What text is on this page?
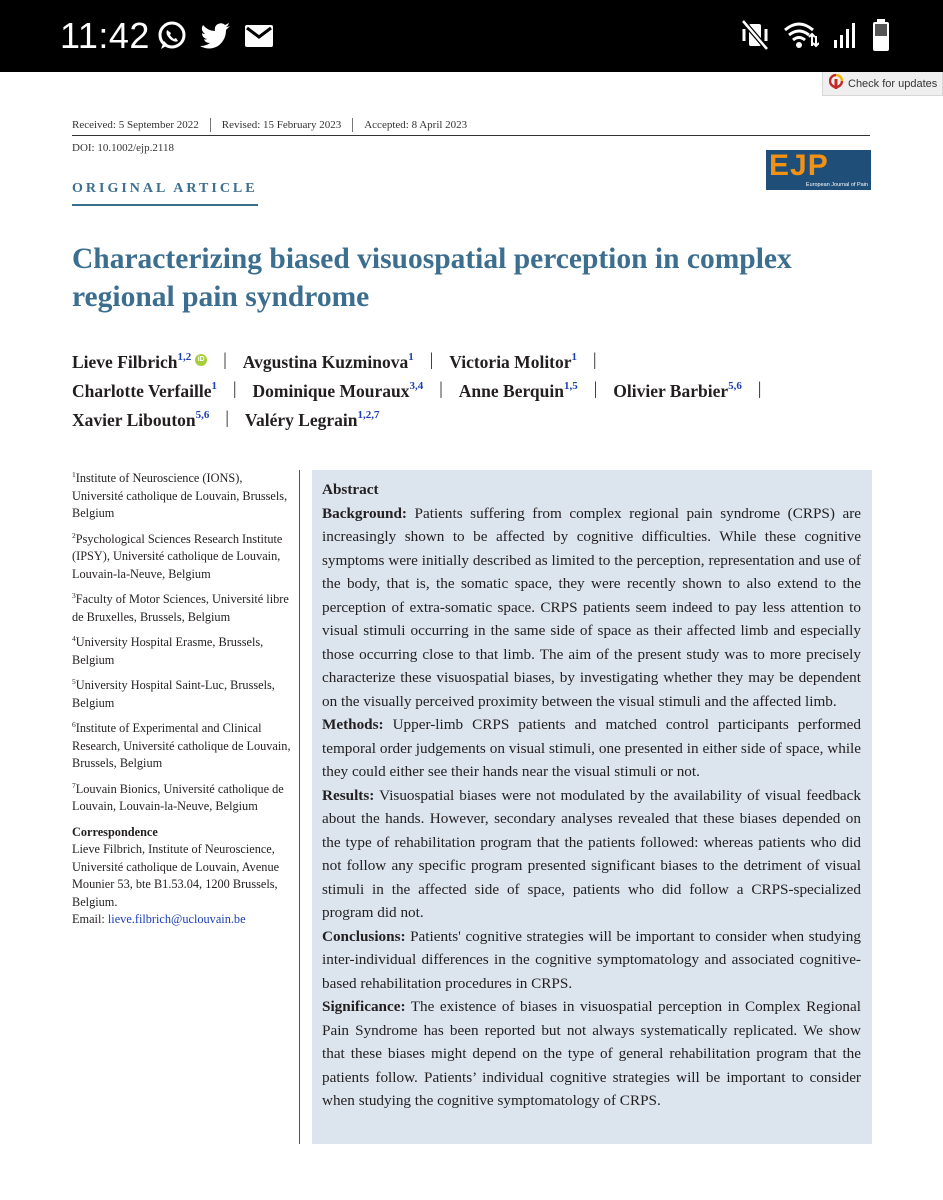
11:42
Check for updates
Received: 5 September 2022 Revised: 15 February 2023 Accepted: 8 April 2023
DOI: 10.1002/ejp.2118
ORIGINAL ARTICLE
EJP
European Journal of Pain
Characterizing biased visuospatial perception in complex regional pain syndrome
Lieve Filbrich$^{1,2}$ iD | Avgustina Kuzminova$^1$ | Victoria Molitor$^1$ |
Charlotte Verfaille$^1$ | Dominique Mouraux$^{3,4}$ | Anne Berquin$^{1,5}$ | Olivier Barbier$^{5,6}$ |
Xavier Libouton$^{5,6}$ | Valéry Legrain$^{1,2,7}$
$^1$Institute of Neuroscience (IONS), Université catholique de Louvain, Brussels, Belgium
$^2$Psychological Sciences Research Institute (IPSY), Université catholique de Louvain, Louvain-la-Neuve, Belgium
$^3$Faculty of Motor Sciences, Université libre de Bruxelles, Brussels, Belgium
$^4$University Hospital Erasme, Brussels, Belgium
$^5$University Hospital Saint-Luc, Brussels, Belgium
$^6$Institute of Experimental and Clinical Research, Université catholique de Louvain, Brussels, Belgium
$^7$Louvain Bionics, Université catholique de Louvain, Louvain-la-Neuve, Belgium
Correspondence
Lieve Filbrich, Institute of Neuroscience, Université catholique de Louvain, Avenue Mounier 53, bte B1.53.04, 1200 Brussels, Belgium.
Email: lieve.filbrich@uclouvain.be
Abstract

Background: Patients suffering from complex regional pain syndrome (CRPS) are increasingly shown to be affected by cognitive difficulties. While these cognitive symptoms were initially described as limited to the perception, representation and use of the body, that is, the somatic space, they were recently shown to also extend to the perception of extra-somatic space. CRPS patients seem indeed to pay less attention to visual stimuli occurring in the same side of space as their affected limb and especially those occurring close to that limb. The aim of the present study was to more precisely characterize these visuospatial biases, by investigating whether they may be dependent on the visually perceived proximity between the visual stimuli and the affected limb.

Methods: Upper-limb CRPS patients and matched control participants performed temporal order judgements on visual stimuli, one presented in either side of space, while they could either see their hands near the visual stimuli or not.

Results: Visuospatial biases were not modulated by the availability of visual feedback about the hands. However, secondary analyses revealed that these biases depended on the type of rehabilitation program that the patients followed: whereas patients who did not follow any specific program presented significant biases to the detriment of visual stimuli in the affected side of space, patients who did follow a CRPS-specialized program did not.

Conclusions: Patients' cognitive strategies will be important to consider when studying inter-individual differences in the cognitive symptomatology and associated cognitive-based rehabilitation procedures in CRPS.

Significance: The existence of biases in visuospatial perception in Complex Regional Pain Syndrome has been reported but not always systematically replicated. We show that these biases might depend on the type of general rehabilitation program that the patients follow. Patients’ individual cognitive strategies will be important to consider when studying the cognitive symptomatology of CRPS.
